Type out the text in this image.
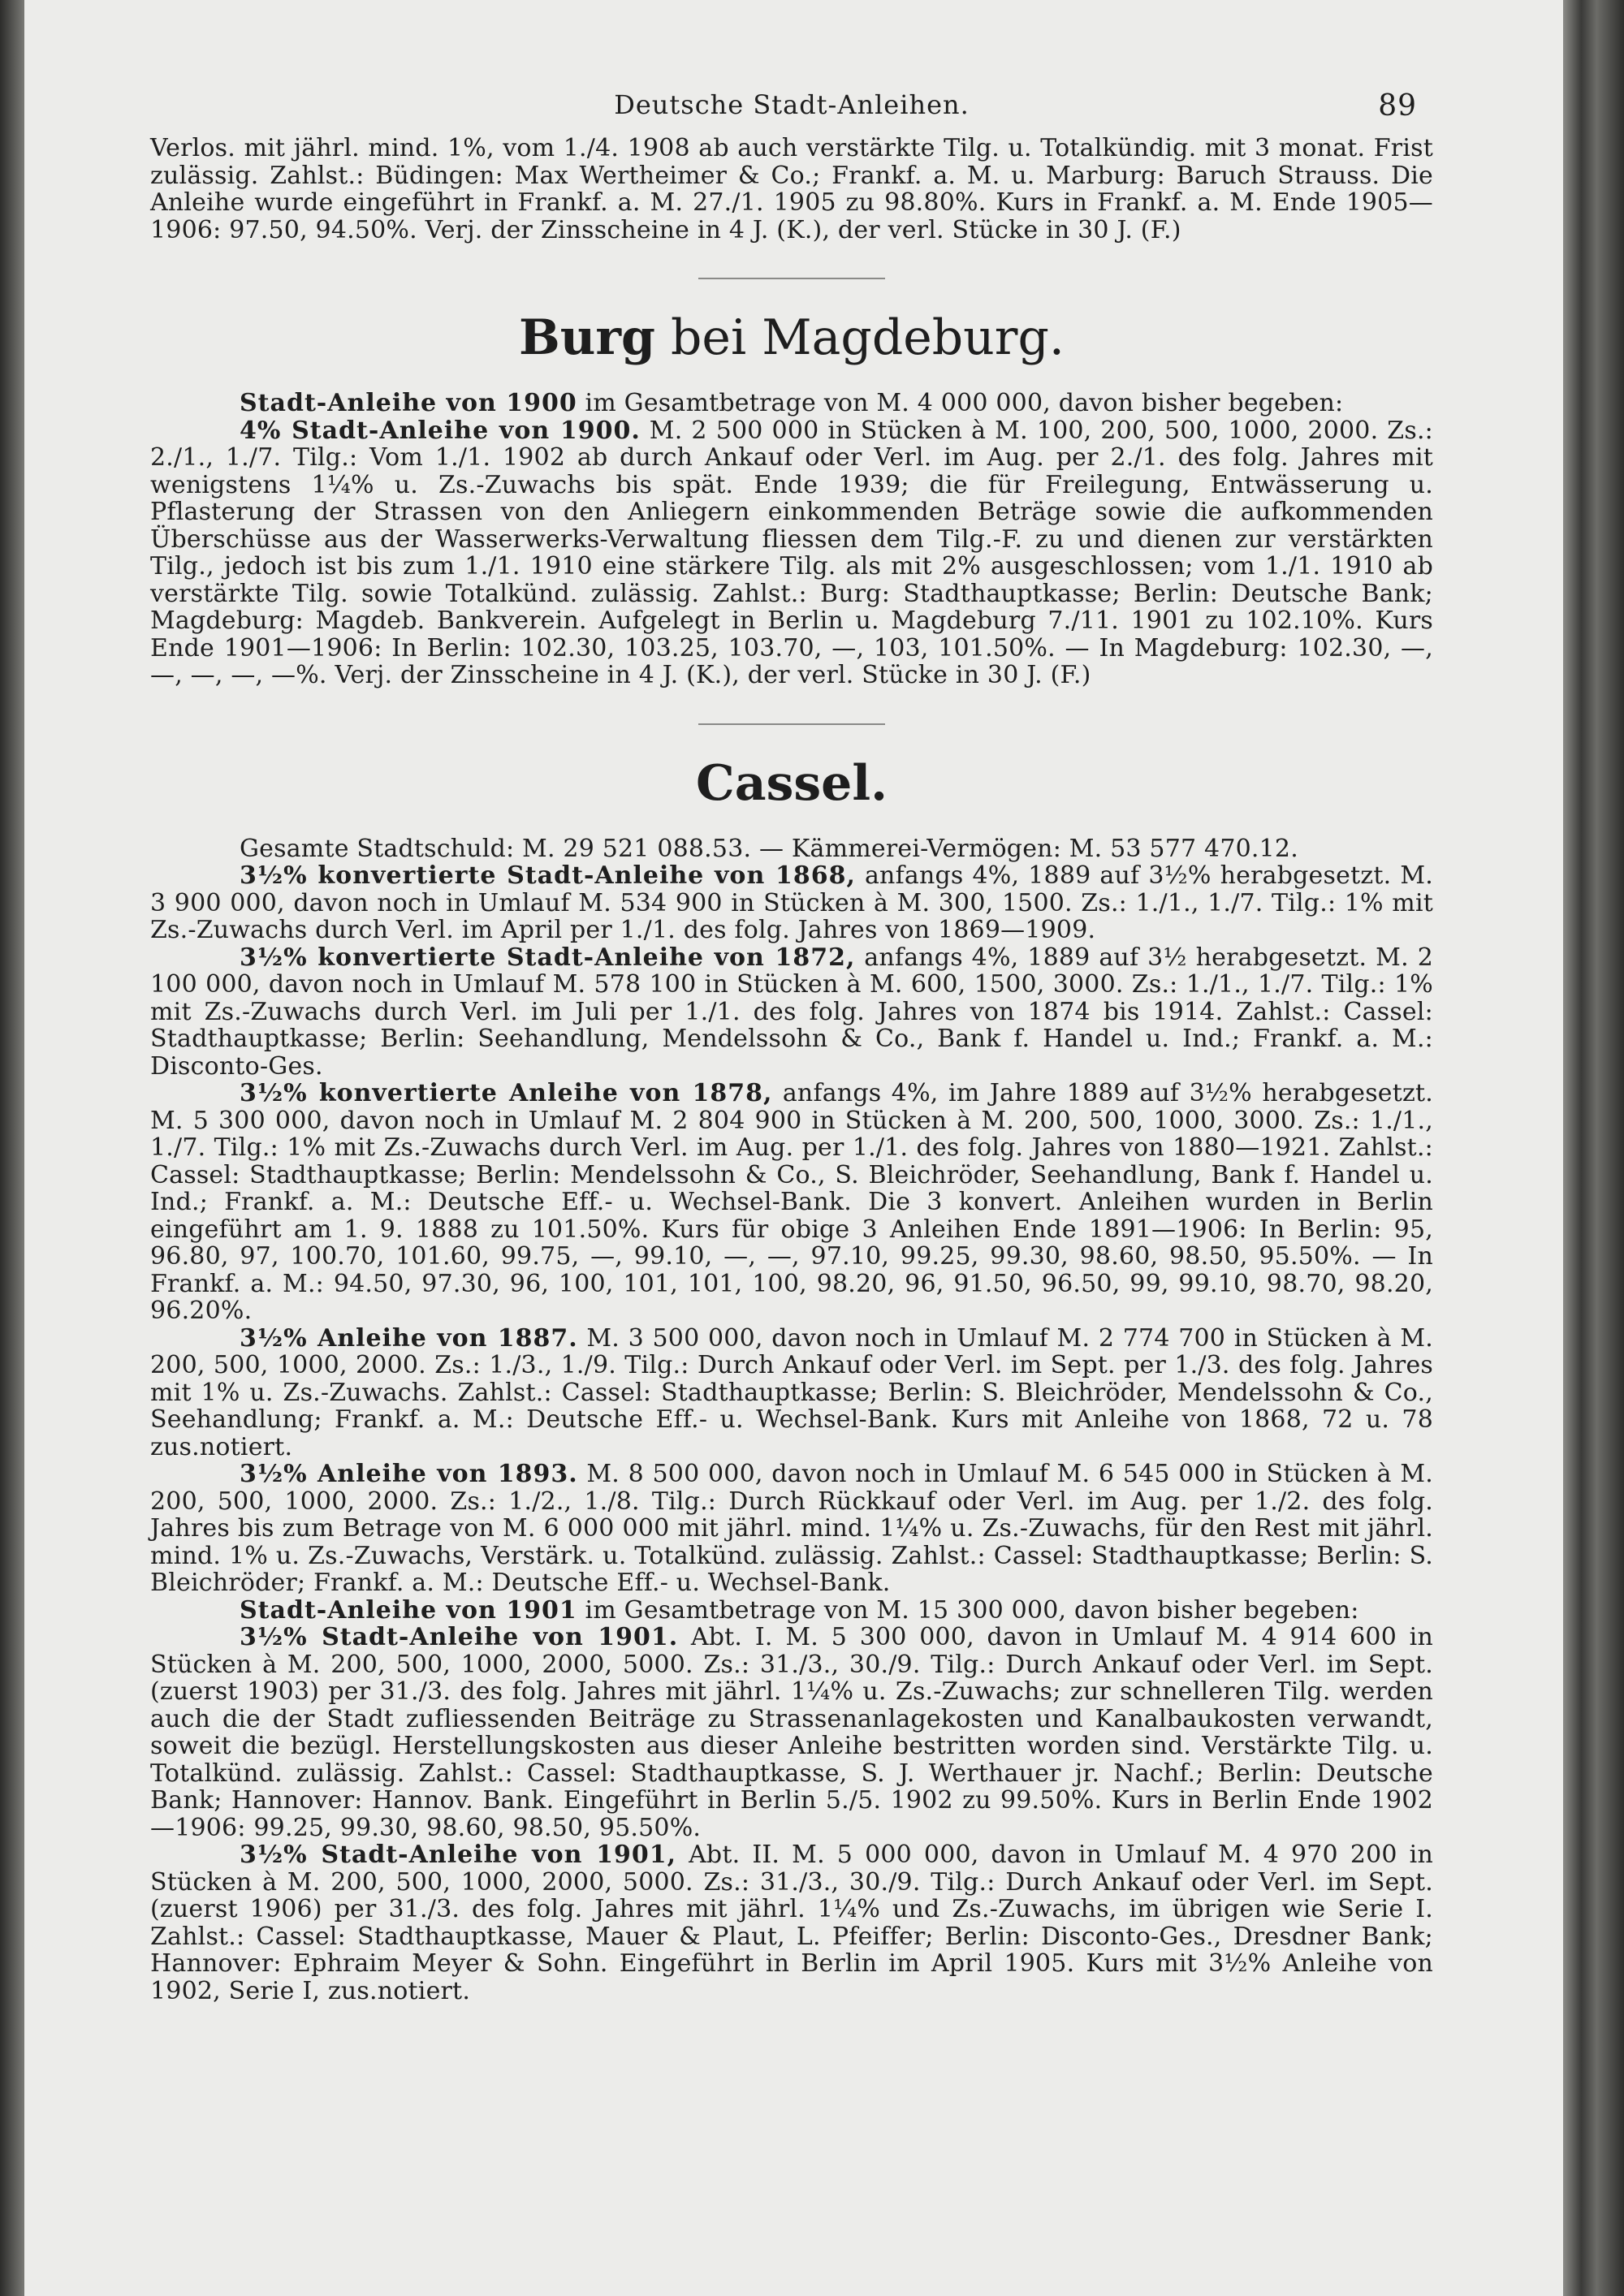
Deutsche Stadt-Anleihen.	89

Verlos. mit jährl. mind. 1%, vom 1./4. 1908 ab auch verstärkte Tilg. u. Totalkündig. mit 3 monat. Frist zulässig. Zahlst.: Büdingen: Max Wertheimer & Co.; Frankf. a. M. u. Marburg: Baruch Strauss. Die Anleihe wurde eingeführt in Frankf. a. M. 27./1. 1905 zu 98.80%. Kurs in Frankf. a. M. Ende 1905—1906: 97.50, 94.50%. Verj. der Zinsscheine in 4 J. (K.), der verl. Stücke in 30 J. (F.)

Burg bei Magdeburg.

Stadt-Anleihe von 1900 im Gesamtbetrage von M. 4 000 000, davon bisher begeben:

4% Stadt-Anleihe von 1900. M. 2 500 000 in Stücken à M. 100, 200, 500, 1000, 2000. Zs.: 2./1., 1./7. Tilg.: Vom 1./1. 1902 ab durch Ankauf oder Verl. im Aug. per 2./1. des folg. Jahres mit wenigstens 1¼% u. Zs.-Zuwachs bis spät. Ende 1939; die für Freilegung, Entwässerung u. Pflasterung der Strassen von den Anliegern einkommenden Beträge sowie die aufkommenden Überschüsse aus der Wasserwerks-Verwaltung fliessen dem Tilg.-F. zu und dienen zur verstärkten Tilg., jedoch ist bis zum 1./1. 1910 eine stärkere Tilg. als mit 2% ausgeschlossen; vom 1./1. 1910 ab verstärkte Tilg. sowie Totalkünd. zulässig. Zahlst.: Burg: Stadthauptkasse; Berlin: Deutsche Bank; Magdeburg: Magdeb. Bankverein. Aufgelegt in Berlin u. Magdeburg 7./11. 1901 zu 102.10%. Kurs Ende 1901—1906: In Berlin: 102.30, 103.25, 103.70, —, 103, 101.50%. — In Magdeburg: 102.30, —, —, —, —, —%. Verj. der Zinsscheine in 4 J. (K.), der verl. Stücke in 30 J. (F.)

Cassel.

Gesamte Stadtschuld: M. 29 521 088.53. — Kämmerei-Vermögen: M. 53 577 470.12.

3½% konvertierte Stadt-Anleihe von 1868, anfangs 4%, 1889 auf 3½% herabgesetzt. M. 3 900 000, davon noch in Umlauf M. 534 900 in Stücken à M. 300, 1500. Zs.: 1./1., 1./7. Tilg.: 1% mit Zs.-Zuwachs durch Verl. im April per 1./1. des folg. Jahres von 1869—1909.

3½% konvertierte Stadt-Anleihe von 1872, anfangs 4%, 1889 auf 3½ herabgesetzt. M. 2 100 000, davon noch in Umlauf M. 578 100 in Stücken à M. 600, 1500, 3000. Zs.: 1./1., 1./7. Tilg.: 1% mit Zs.-Zuwachs durch Verl. im Juli per 1./1. des folg. Jahres von 1874 bis 1914. Zahlst.: Cassel: Stadthauptkasse; Berlin: Seehandlung, Mendelssohn & Co., Bank f. Handel u. Ind.; Frankf. a. M.: Disconto-Ges.

3½% konvertierte Anleihe von 1878, anfangs 4%, im Jahre 1889 auf 3½% herabgesetzt. M. 5 300 000, davon noch in Umlauf M. 2 804 900 in Stücken à M. 200, 500, 1000, 3000. Zs.: 1./1., 1./7. Tilg.: 1% mit Zs.-Zuwachs durch Verl. im Aug. per 1./1. des folg. Jahres von 1880—1921. Zahlst.: Cassel: Stadthauptkasse; Berlin: Mendelssohn & Co., S. Bleichröder, Seehandlung, Bank f. Handel u. Ind.; Frankf. a. M.: Deutsche Eff.- u. Wechsel-Bank. Die 3 konvert. Anleihen wurden in Berlin eingeführt am 1. 9. 1888 zu 101.50%. Kurs für obige 3 Anleihen Ende 1891—1906: In Berlin: 95, 96.80, 97, 100.70, 101.60, 99.75, —, 99.10, —, —, 97.10, 99.25, 99.30, 98.60, 98.50, 95.50%. — In Frankf. a. M.: 94.50, 97.30, 96, 100, 101, 101, 100, 98.20, 96, 91.50, 96.50, 99, 99.10, 98.70, 98.20, 96.20%.

3½% Anleihe von 1887. M. 3 500 000, davon noch in Umlauf M. 2 774 700 in Stücken à M. 200, 500, 1000, 2000. Zs.: 1./3., 1./9. Tilg.: Durch Ankauf oder Verl. im Sept. per 1./3. des folg. Jahres mit 1% u. Zs.-Zuwachs. Zahlst.: Cassel: Stadthauptkasse; Berlin: S. Bleichröder, Mendelssohn & Co., Seehandlung; Frankf. a. M.: Deutsche Eff.- u. Wechsel-Bank. Kurs mit Anleihe von 1868, 72 u. 78 zus.notiert.

3½% Anleihe von 1893. M. 8 500 000, davon noch in Umlauf M. 6 545 000 in Stücken à M. 200, 500, 1000, 2000. Zs.: 1./2., 1./8. Tilg.: Durch Rückkauf oder Verl. im Aug. per 1./2. des folg. Jahres bis zum Betrage von M. 6 000 000 mit jährl. mind. 1¼% u. Zs.-Zuwachs, für den Rest mit jährl. mind. 1% u. Zs.-Zuwachs, Verstärk. u. Totalkünd. zulässig. Zahlst.: Cassel: Stadthauptkasse; Berlin: S. Bleichröder; Frankf. a. M.: Deutsche Eff.- u. Wechsel-Bank.

Stadt-Anleihe von 1901 im Gesamtbetrage von M. 15 300 000, davon bisher begeben:

3½% Stadt-Anleihe von 1901. Abt. I. M. 5 300 000, davon in Umlauf M. 4 914 600 in Stücken à M. 200, 500, 1000, 2000, 5000. Zs.: 31./3., 30./9. Tilg.: Durch Ankauf oder Verl. im Sept. (zuerst 1903) per 31./3. des folg. Jahres mit jährl. 1¼% u. Zs.-Zuwachs; zur schnelleren Tilg. werden auch die der Stadt zufliessenden Beiträge zu Strassenanlagekosten und Kanalbaukosten verwandt, soweit die bezügl. Herstellungskosten aus dieser Anleihe bestritten worden sind. Verstärkte Tilg. u. Totalkünd. zulässig. Zahlst.: Cassel: Stadthauptkasse, S. J. Werthauer jr. Nachf.; Berlin: Deutsche Bank; Hannover: Hannov. Bank. Eingeführt in Berlin 5./5. 1902 zu 99.50%. Kurs in Berlin Ende 1902—1906: 99.25, 99.30, 98.60, 98.50, 95.50%.

3½% Stadt-Anleihe von 1901, Abt. II. M. 5 000 000, davon in Umlauf M. 4 970 200 in Stücken à M. 200, 500, 1000, 2000, 5000. Zs.: 31./3., 30./9. Tilg.: Durch Ankauf oder Verl. im Sept. (zuerst 1906) per 31./3. des folg. Jahres mit jährl. 1¼% und Zs.-Zuwachs, im übrigen wie Serie I. Zahlst.: Cassel: Stadthauptkasse, Mauer & Plaut, L. Pfeiffer; Berlin: Disconto-Ges., Dresdner Bank; Hannover: Ephraim Meyer & Sohn. Eingeführt in Berlin im April 1905. Kurs mit 3½% Anleihe von 1902, Serie I, zus.notiert.
